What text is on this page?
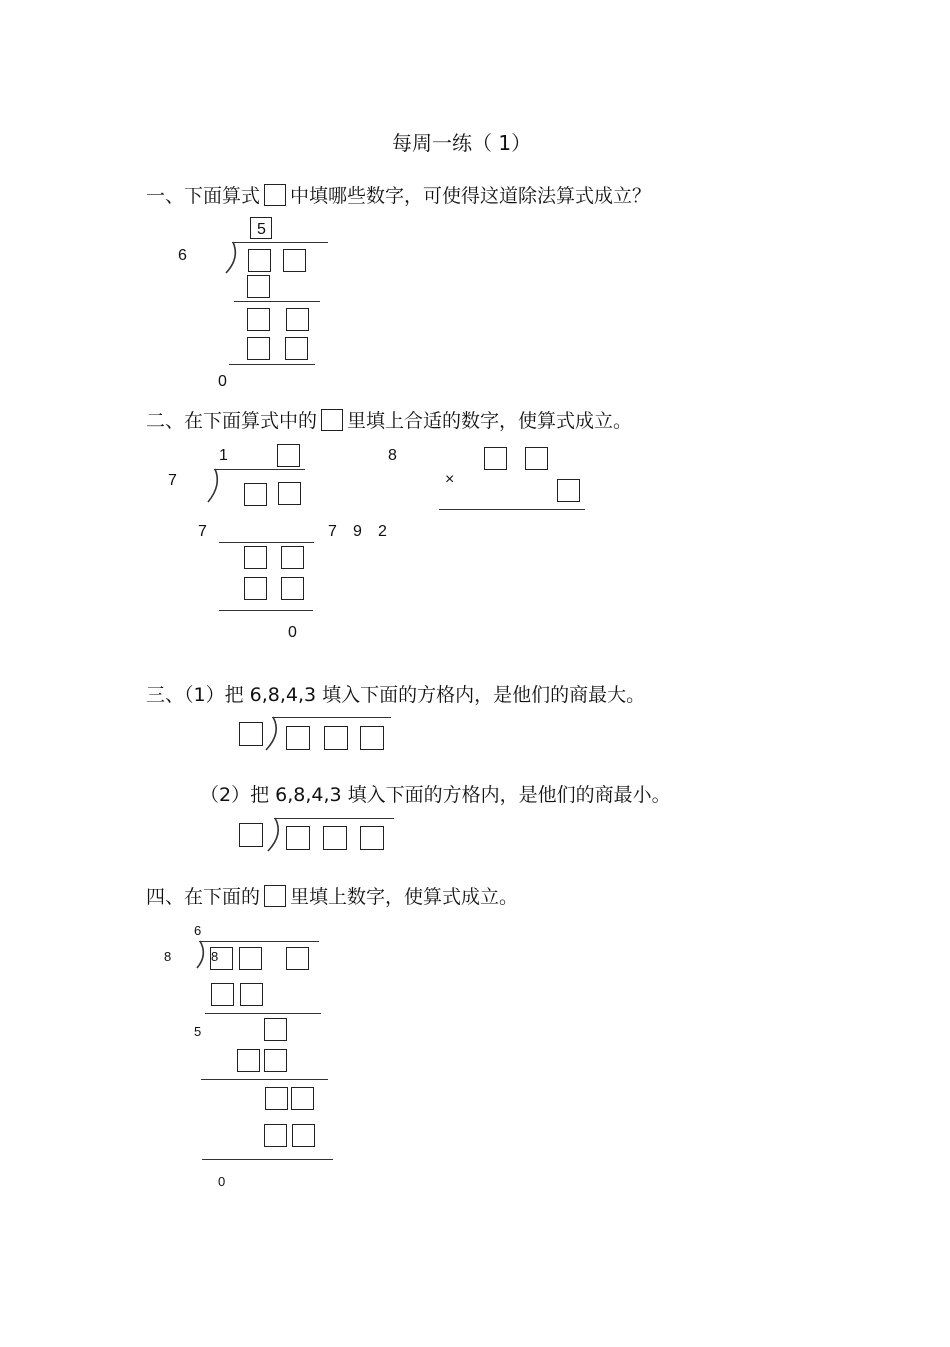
每周一练（ 1）
一、下面算式 中填哪些数字，可使得这道除法算式成立？
5
6
0
二、在下面算式中的 里填上合适的数字，使算式成立。
1
7
7
0
8
×
7 9 2
三、（1）把 6,8,4,3 填入下面的方格内，是他们的商最大。
（2）把 6,8,4,3 填入下面的方格内，是他们的商最小。
四、在下面的 里填上数字，使算式成立。
6
8	8
5
0
